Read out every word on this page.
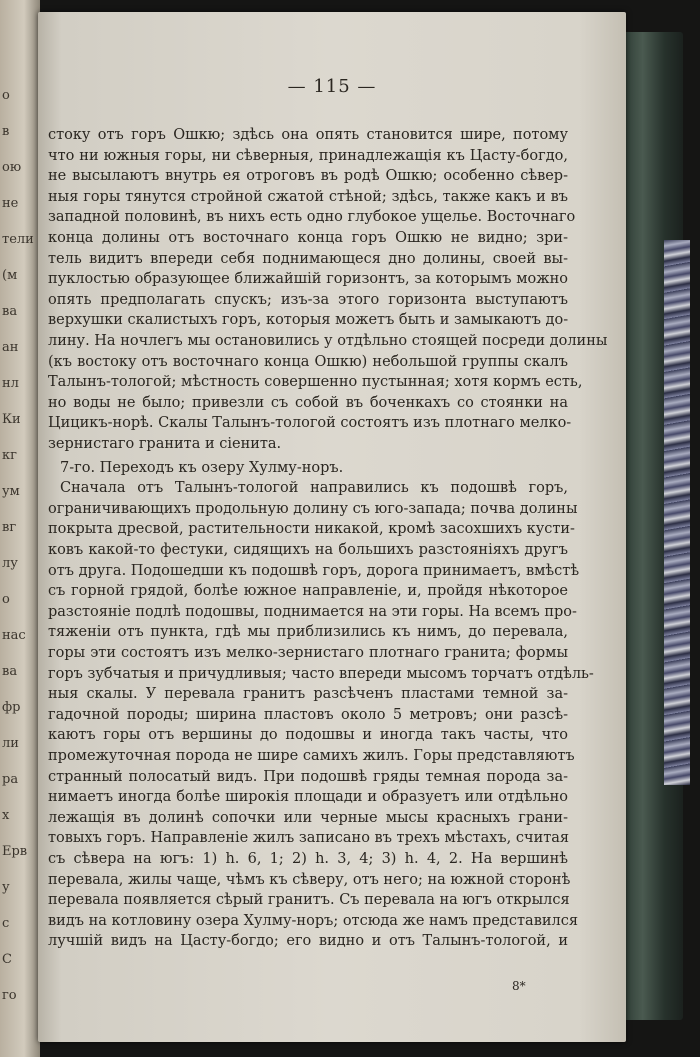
о
в
ою
не
тели
(м
ва
ан
нл
Ки
кг
ум
вг
лу
о
нас
ва
фр
ли
ра
х
Ерв
у
с
С
го
— 115 —
стоку отъ горъ Ошкю; здѣсь она опять становится шире, потому
что ни южныя горы, ни сѣверныя, принадлежащія къ Цасту-богдо,
не высылаютъ внутрь ея отроговъ въ родѣ Ошкю; особенно сѣвер-
ныя горы тянутся стройной сжатой стѣной; здѣсь, также какъ и въ
западной половинѣ, въ нихъ есть одно глубокое ущелье. Восточнаго
конца долины отъ восточнаго конца горъ Ошкю не видно; зри-
тель видитъ впереди себя поднимающеся дно долины, своей вы-
пуклостью образующее ближайшій горизонтъ, за которымъ можно
опять предполагать спускъ; изъ-за этого горизонта выступаютъ
верхушки скалистыхъ горъ, которыя можетъ быть и замыкаютъ до-
лину. На ночлегъ мы остановились у отдѣльно стоящей посреди долины
(къ востоку отъ восточнаго конца Ошкю) небольшой группы скалъ
Талынъ-тологой; мѣстность совершенно пустынная; хотя кормъ есть,
но воды не было; привезли съ собой въ боченкахъ со стоянки на
Цицикъ-норѣ. Скалы Талынъ-тологой состоятъ изъ плотнаго мелко-
зернистаго гранита и сіенита.
7-го. Переходъ къ озеру Хулму-норъ.
Сначала отъ Талынъ-тологой направились къ подошвѣ горъ,
ограничивающихъ продольную долину съ юго-запада; почва долины
покрыта дресвой, растительности никакой, кромѣ засохшихъ кусти-
ковъ какой-то фестуки, сидящихъ на большихъ разстояніяхъ другъ
отъ друга. Подошедши къ подошвѣ горъ, дорога принимаетъ, вмѣстѣ
съ горной грядой, болѣе южное направленіе, и, пройдя нѣкоторое
разстояніе подлѣ подошвы, поднимается на эти горы. На всемъ про-
тяженіи отъ пункта, гдѣ мы приблизились къ нимъ, до перевала,
горы эти состоятъ изъ мелко-зернистаго плотнаго гранита; формы
горъ зубчатыя и причудливыя; часто впереди мысомъ торчатъ отдѣль-
ныя скалы. У перевала гранитъ разсѣченъ пластами темной за-
гадочной породы; ширина пластовъ около 5 метровъ; они разсѣ-
каютъ горы отъ вершины до подошвы и иногда такъ часты, что
промежуточная порода не шире самихъ жилъ. Горы представляютъ
странный полосатый видъ. При подошвѣ гряды темная порода за-
нимаетъ иногда болѣе широкія площади и образуетъ или отдѣльно
лежащія въ долинѣ сопочки или черные мысы красныхъ грани-
товыхъ горъ. Направленіе жилъ записано въ трехъ мѣстахъ, считая
съ сѣвера на югъ: 1) h. 6, 1; 2) h. 3, 4; 3) h. 4, 2. На вершинѣ
перевала, жилы чаще, чѣмъ къ сѣверу, отъ него; на южной сторонѣ
перевала появляется сѣрый гранитъ. Съ перевала на югъ открылся
видъ на котловину озера Хулму-норъ; отсюда же намъ представился
лучшій видъ на Цасту-богдо; его видно и отъ Талынъ-тологой, и
8*
